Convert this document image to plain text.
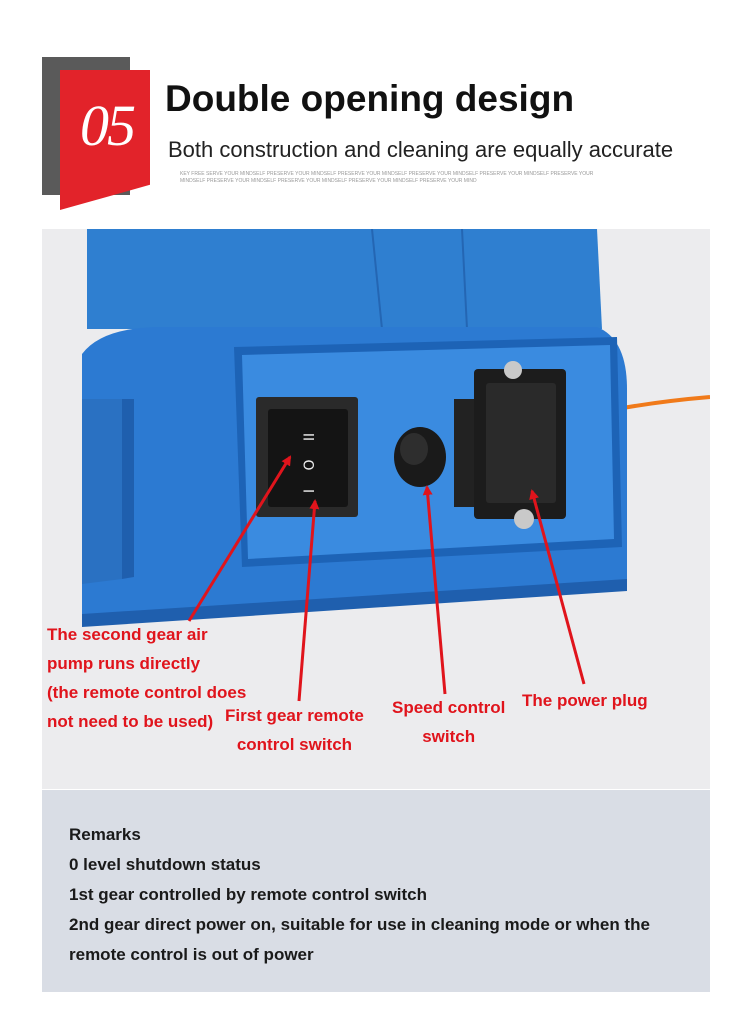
05 Double opening design
Both construction and cleaning are equally accurate
KEY FREE SERVE YOUR MINDSELF PRESERVE YOUR MINDSELF PRESERVE YOUR MINDSELF PRESERVE YOUR MINDSELF PRESERVE YOUR MINDSELF PRESERVE YOUR MINDSELF PRESERVE YOUR MINDSELF PRESERVE YOUR MINDSELF PRESERVE YOUR MINDSELF PRESERVE YOUR MIND
II
O
I
The second gear air
pump runs directly
(the remote control does
not need to be used) First gear remote
control switch
Speed control
switch
The power plug
Remarks
0 level shutdown status
1st gear controlled by remote control switch
2nd gear direct power on, suitable for use in cleaning mode or when the
remote control is out of power
